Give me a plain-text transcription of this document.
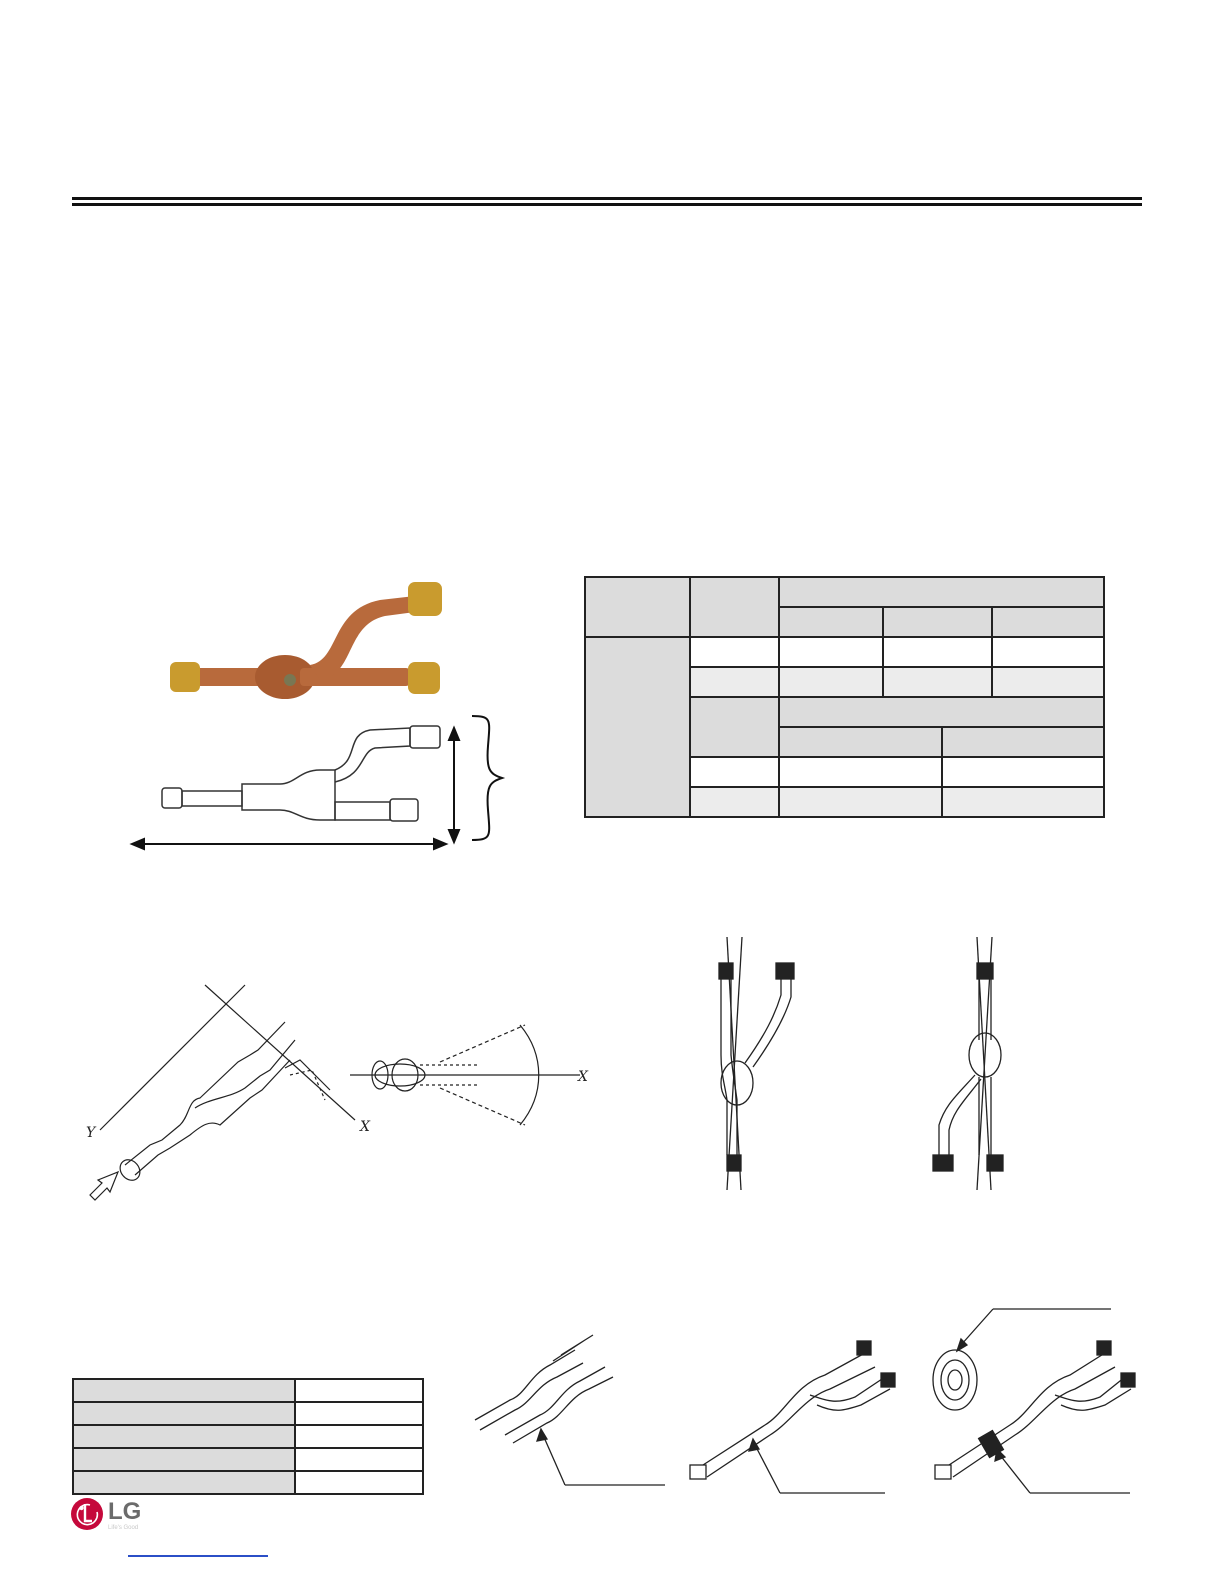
Y	X
X

LG
Life's Good
